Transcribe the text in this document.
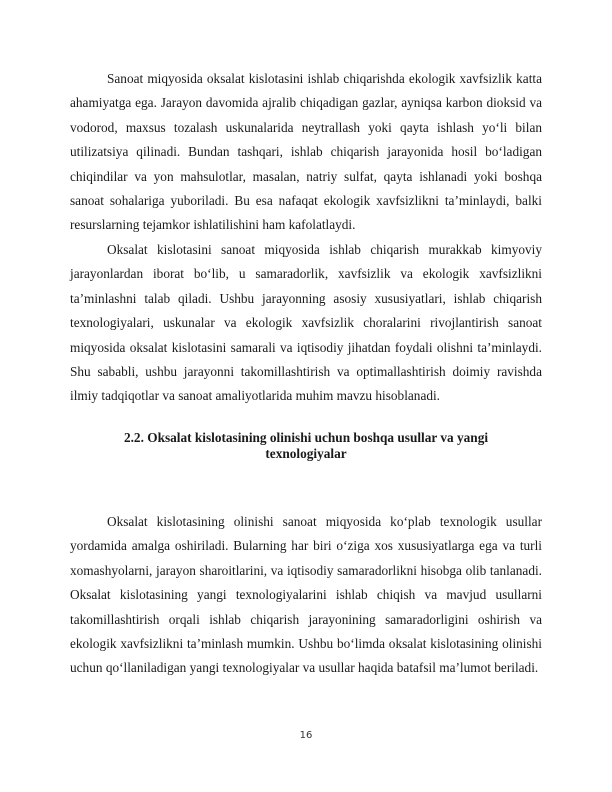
Sanoat miqyosida oksalat kislotasini ishlab chiqarishda ekologik xavfsizlik katta ahamiyatga ega. Jarayon davomida ajralib chiqadigan gazlar, ayniqsa karbon dioksid va vodorod, maxsus tozalash uskunalarida neytrallash yoki qayta ishlash yo‘li bilan utilizatsiya qilinadi. Bundan tashqari, ishlab chiqarish jarayonida hosil bo‘ladigan chiqindilar va yon mahsulotlar, masalan, natriy sulfat, qayta ishlanadi yoki boshqa sanoat sohalariga yuboriladi. Bu esa nafaqat ekologik xavfsizlikni ta’minlaydi, balki resurslarning tejamkor ishlatilishini ham kafolatlaydi.

Oksalat kislotasini sanoat miqyosida ishlab chiqarish murakkab kimyoviy jarayonlardan iborat bo‘lib, u samaradorlik, xavfsizlik va ekologik xavfsizlikni ta’minlashni talab qiladi. Ushbu jarayonning asosiy xususiyatlari, ishlab chiqarish texnologiyalari, uskunalar va ekologik xavfsizlik choralarini rivojlantirish sanoat miqyosida oksalat kislotasini samarali va iqtisodiy jihatdan foydali olishni ta’minlaydi. Shu sababli, ushbu jarayonni takomillashtirish va optimallashtirish doimiy ravishda ilmiy tadqiqotlar va sanoat amaliyotlarida muhim mavzu hisoblanadi.

2.2. Oksalat kislotasining olinishi uchun boshqa usullar va yangi
texnologiyalar

Oksalat kislotasining olinishi sanoat miqyosida ko‘plab texnologik usullar yordamida amalga oshiriladi. Bularning har biri o‘ziga xos xususiyatlarga ega va turli xomashyolarni, jarayon sharoitlarini, va iqtisodiy samaradorlikni hisobga olib tanlanadi. Oksalat kislotasining yangi texnologiyalarini ishlab chiqish va mavjud usullarni takomillashtirish orqali ishlab chiqarish jarayonining samaradorligini oshirish va ekologik xavfsizlikni ta’minlash mumkin. Ushbu bo‘limda oksalat kislotasining olinishi uchun qo‘llaniladigan yangi texnologiyalar va usullar haqida batafsil ma’lumot beriladi.

16
